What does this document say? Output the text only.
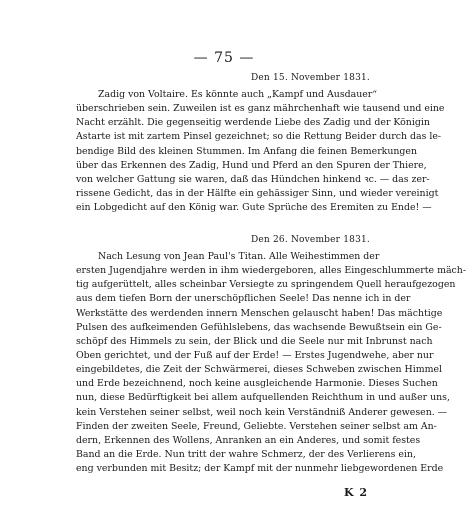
— 75 —
Den 15. November 1831.
Zadig von Voltaire. Es könnte auch „Kampf und Ausdauer“
überschrieben sein. Zuweilen ist es ganz mährchenhaft wie tausend und eine
Nacht erzählt. Die gegenseitig werdende Liebe des Zadig und der Königin
Astarte ist mit zartem Pinsel gezeichnet; so die Rettung Beider durch das le-
bendige Bild des kleinen Stummen. Im Anfang die feinen Bemerkungen
über das Erkennen des Zadig, Hund und Pferd an den Spuren der Thiere,
von welcher Gattung sie waren, daß das Hündchen hinkend ꝛc. — das zer-
rissene Gedicht, das in der Hälfte ein gehässiger Sinn, und wieder vereinigt
ein Lobgedicht auf den König war. Gute Sprüche des Eremiten zu Ende! —
Den 26. November 1831.
Nach Lesung von Jean Paul's Titan. Alle Weihestimmen der
ersten Jugendjahre werden in ihm wiedergeboren, alles Eingeschlummerte mäch-
tig aufgerüttelt, alles scheinbar Versiegte zu springendem Quell heraufgezogen
aus dem tiefen Born der unerschöpflichen Seele! Das nenne ich in der
Werkstätte des werdenden innern Menschen gelauscht haben! Das mächtige
Pulsen des aufkeimenden Gefühlslebens, das wachsende Bewußtsein ein Ge-
schöpf des Himmels zu sein, der Blick und die Seele nur mit Inbrunst nach
Oben gerichtet, und der Fuß auf der Erde! — Erstes Jugendwehe, aber nur
eingebildetes, die Zeit der Schwärmerei, dieses Schweben zwischen Himmel
und Erde bezeichnend, noch keine ausgleichende Harmonie. Dieses Suchen
nun, diese Bedürftigkeit bei allem aufquellenden Reichthum in und außer uns,
kein Verstehen seiner selbst, weil noch kein Verständniß Anderer gewesen. —
Finden der zweiten Seele, Freund, Geliebte. Verstehen seiner selbst am An-
dern, Erkennen des Wollens, Anranken an ein Anderes, und somit festes
Band an die Erde. Nun tritt der wahre Schmerz, der des Verlierens ein,
eng verbunden mit Besitz; der Kampf mit der nunmehr liebgewordenen Erde
K 2
